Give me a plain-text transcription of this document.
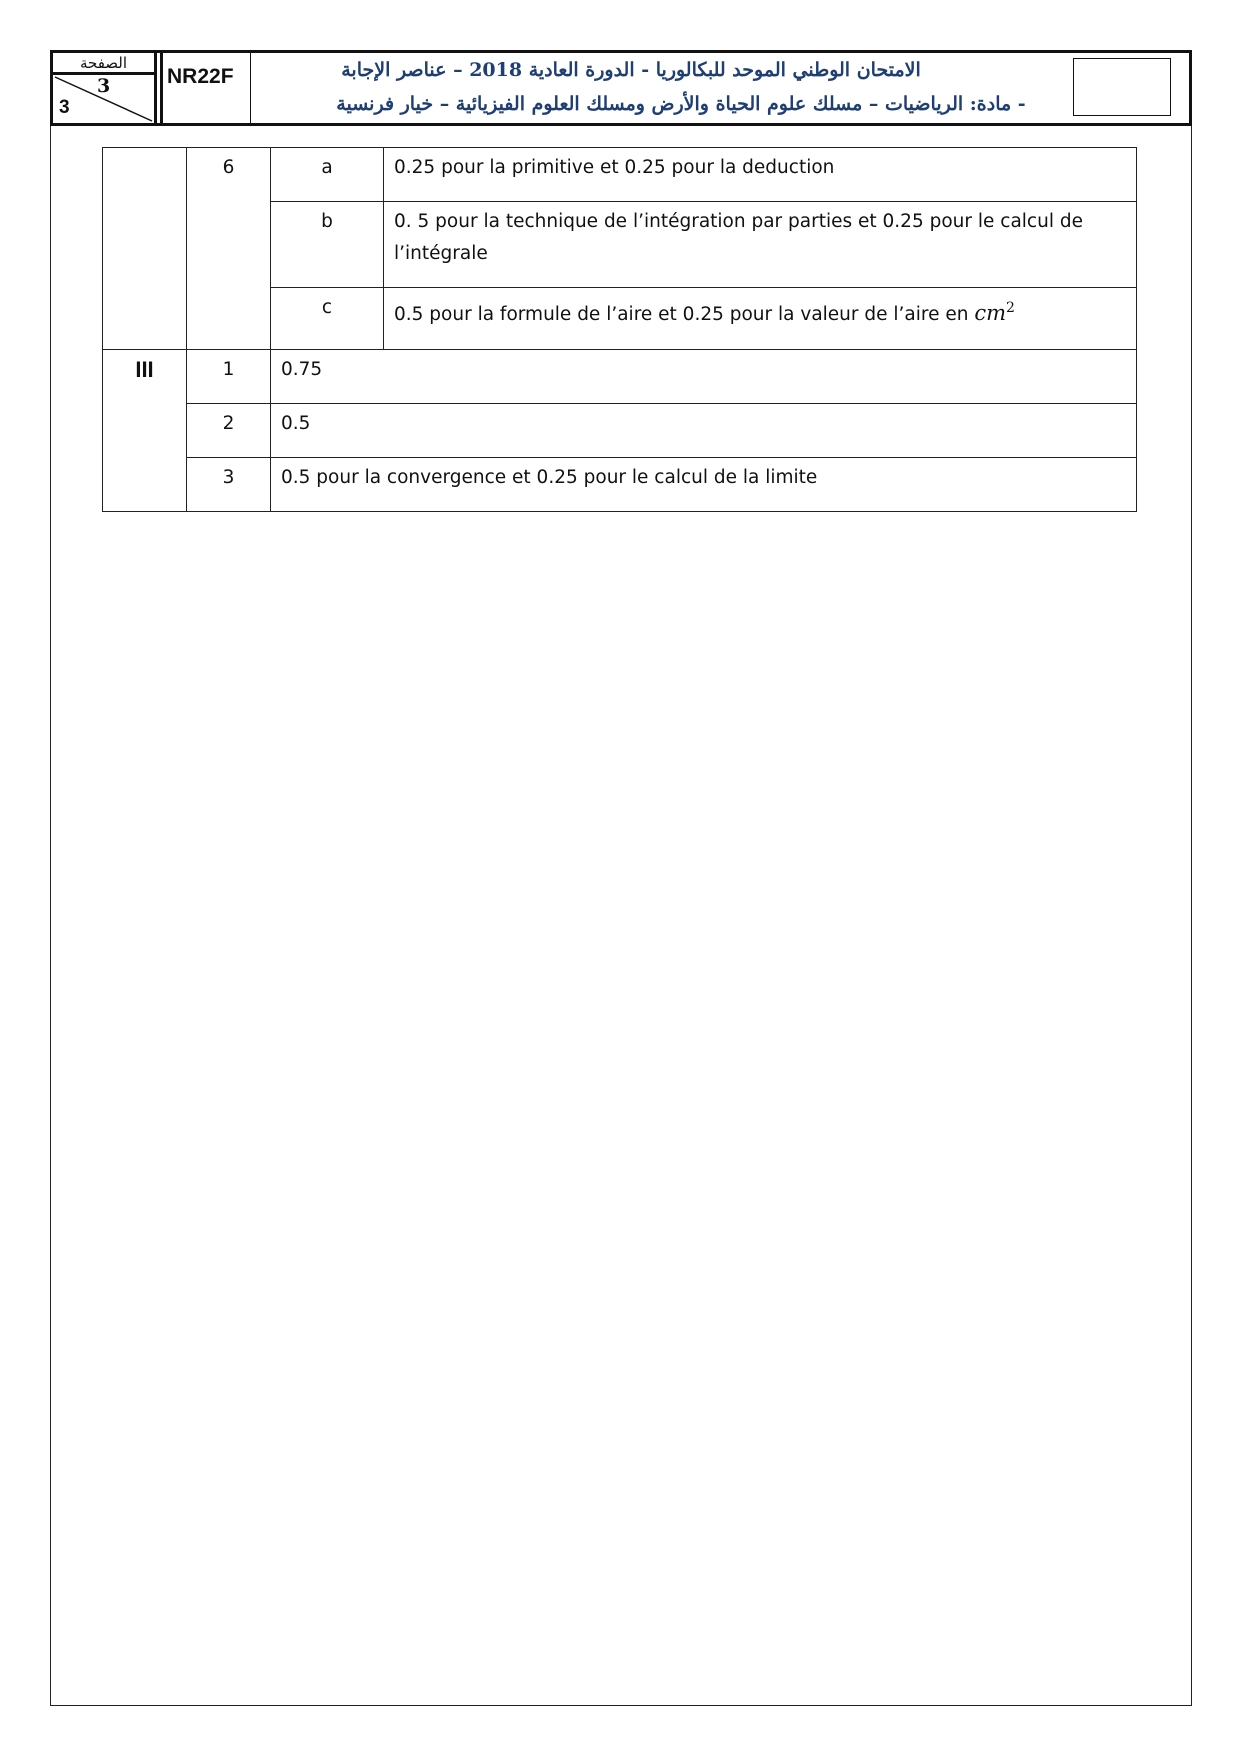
الصفحة
3
3
NR22F	الامتحان الوطني الموحد للبكالوريا - الدورة العادية 2018 – عناصر الإجابة
- مادة: الرياضيات – مسلك علوم الحياة والأرض ومسلك العلوم الفيزيائية – خيار فرنسية
	6	a	0.25 pour la primitive et 0.25 pour la deduction
		b	0. 5 pour la technique de l’intégration par parties et 0.25 pour le calcul de l’intégrale
		c	0.5 pour la formule de l’aire et 0.25 pour la valeur de l’aire en $cm^2$
III	1	0.75	
	2	0.5	
	3	0.5 pour la convergence et 0.25 pour le calcul de la limite	
